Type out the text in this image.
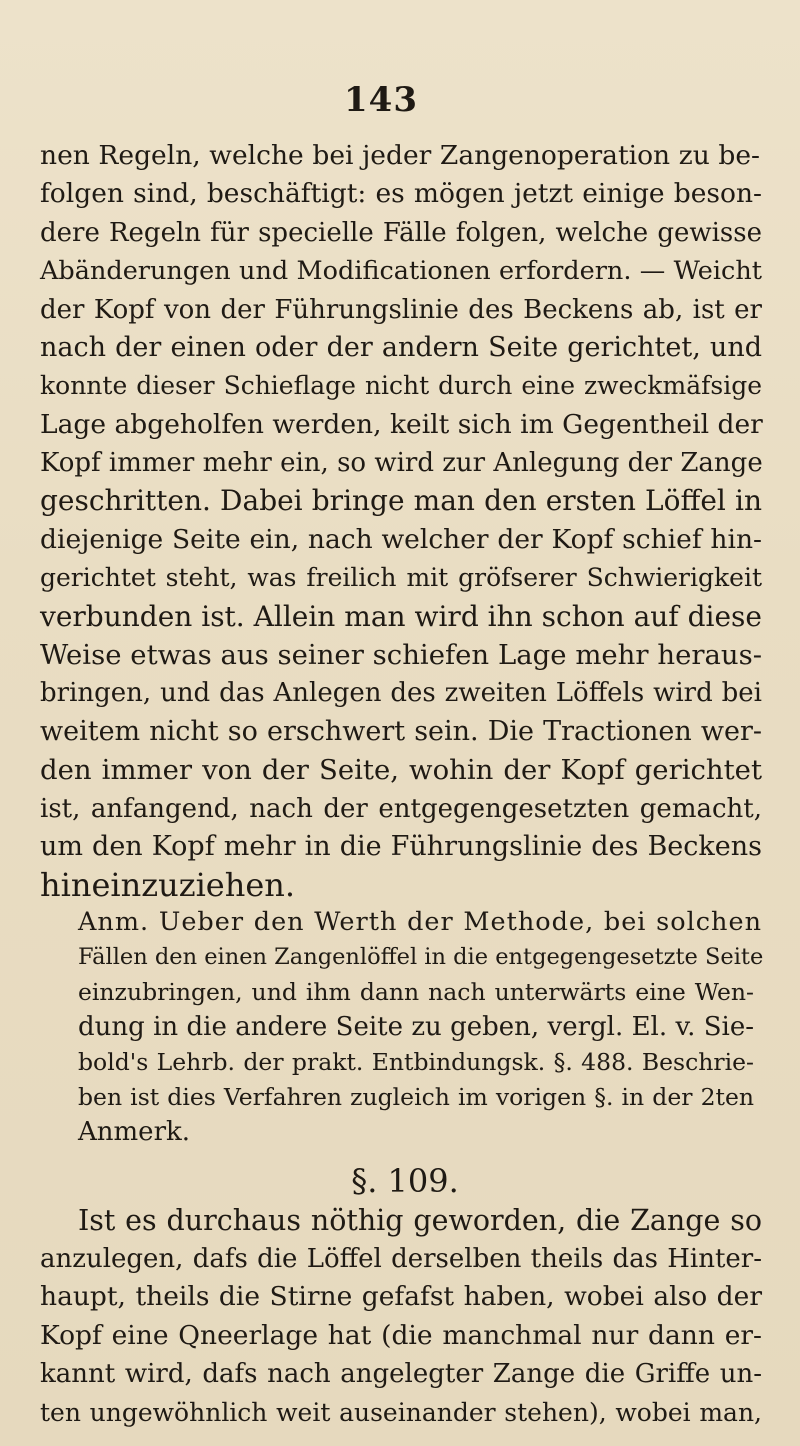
143
nen Regeln, welche bei jeder Zangenoperation zu be-
folgen sind, beschäftigt: es mögen jetzt einige beson-
dere Regeln für specielle Fälle folgen, welche gewisse
Abänderungen und Modificationen erfordern. — Weicht
der Kopf von der Führungslinie des Beckens ab, ist er
nach der einen oder der andern Seite gerichtet, und
konnte dieser Schieflage nicht durch eine zweckmäfsige
Lage abgeholfen werden, keilt sich im Gegentheil der
Kopf immer mehr ein, so wird zur Anlegung der Zange
geschritten. Dabei bringe man den ersten Löffel in
diejenige Seite ein, nach welcher der Kopf schief hin-
gerichtet steht, was freilich mit gröfserer Schwierigkeit
verbunden ist. Allein man wird ihn schon auf diese
Weise etwas aus seiner schiefen Lage mehr heraus-
bringen, und das Anlegen des zweiten Löffels wird bei
weitem nicht so erschwert sein. Die Tractionen wer-
den immer von der Seite, wohin der Kopf gerichtet
ist, anfangend, nach der entgegengesetzten gemacht,
um den Kopf mehr in die Führungslinie des Beckens
hineinzuziehen.
Anm. Ueber den Werth der Methode, bei solchen
Fällen den einen Zangenlöffel in die entgegengesetzte Seite
einzubringen, und ihm dann nach unterwärts eine Wen-
dung in die andere Seite zu geben, vergl. El. v. Sie-
bold's Lehrb. der prakt. Entbindungsk. §. 488. Beschrie-
ben ist dies Verfahren zugleich im vorigen §. in der 2ten
Anmerk.
§. 109.
Ist es durchaus nöthig geworden, die Zange so
anzulegen, dafs die Löffel derselben theils das Hinter-
haupt, theils die Stirne gefafst haben, wobei also der
Kopf eine Qneerlage hat (die manchmal nur dann er-
kannt wird, dafs nach angelegter Zange die Griffe un-
ten ungewöhnlich weit auseinander stehen), wobei man,
